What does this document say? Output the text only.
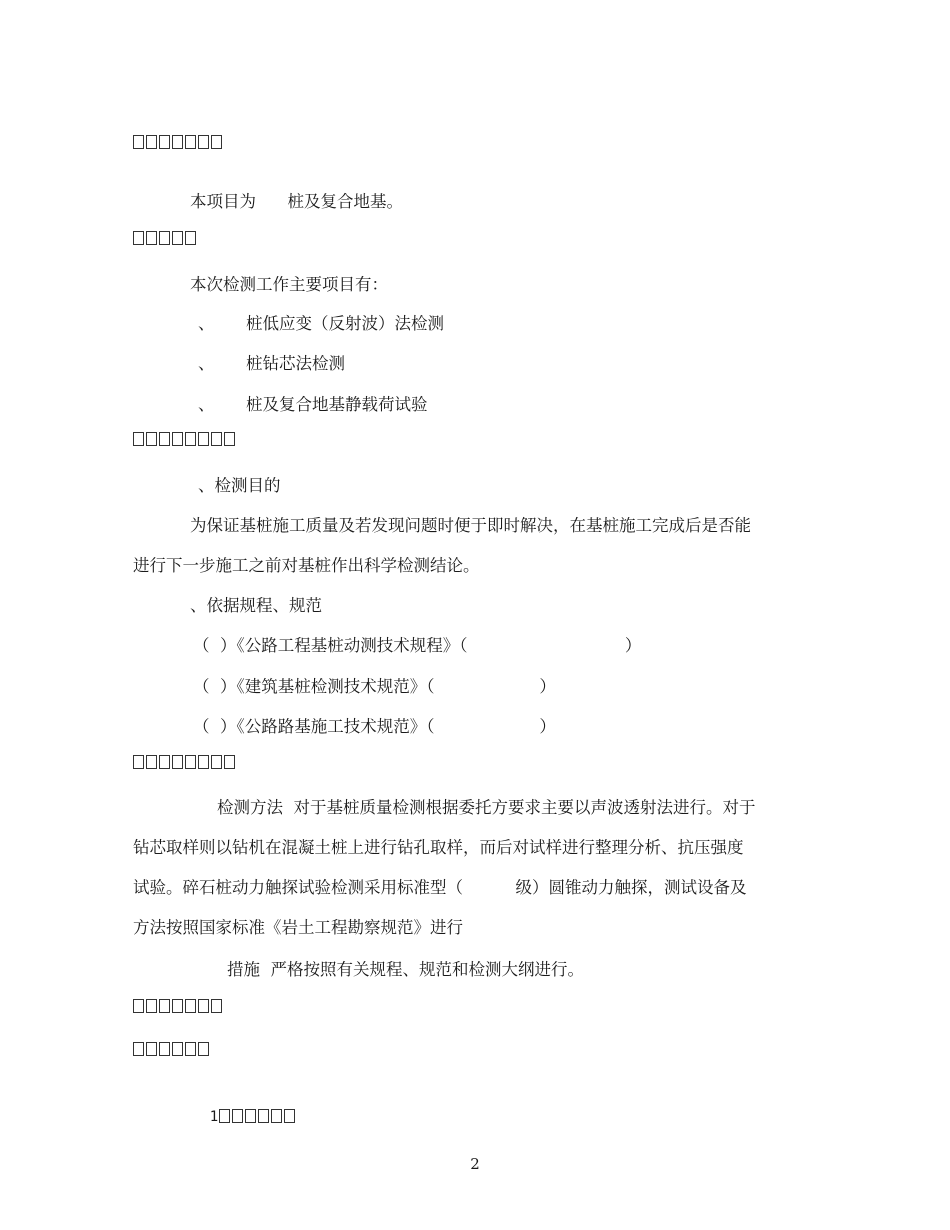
本项目为      桩及复合地基。
本次检测工作主要项目有：
、      桩低应变（反射波）法检测
、      桩钻芯法检测
、      桩及复合地基静载荷试验
、检测目的
为保证基桩施工质量及若发现问题时便于即时解决，在基桩施工完成后是否能
进行下一步施工之前对基桩作出科学检测结论。
、依据规程、规范
（  ）《公路工程基桩动测技术规程》（                              ）
（  ）《建筑基桩检测技术规范》（                    ）
（  ）《公路路基施工技术规范》（                    ）
检测方法  对于基桩质量检测根据委托方要求主要以声波透射法进行。对于
钻芯取样则以钻机在混凝土桩上进行钻孔取样，而后对试样进行整理分析、抗压强度
试验。碎石桩动力触探试验检测采用标准型（          级）圆锥动力触探，测试设备及
方法按照国家标准《岩土工程勘察规范》进行
措施  严格按照有关规程、规范和检测大纲进行。

1

2
